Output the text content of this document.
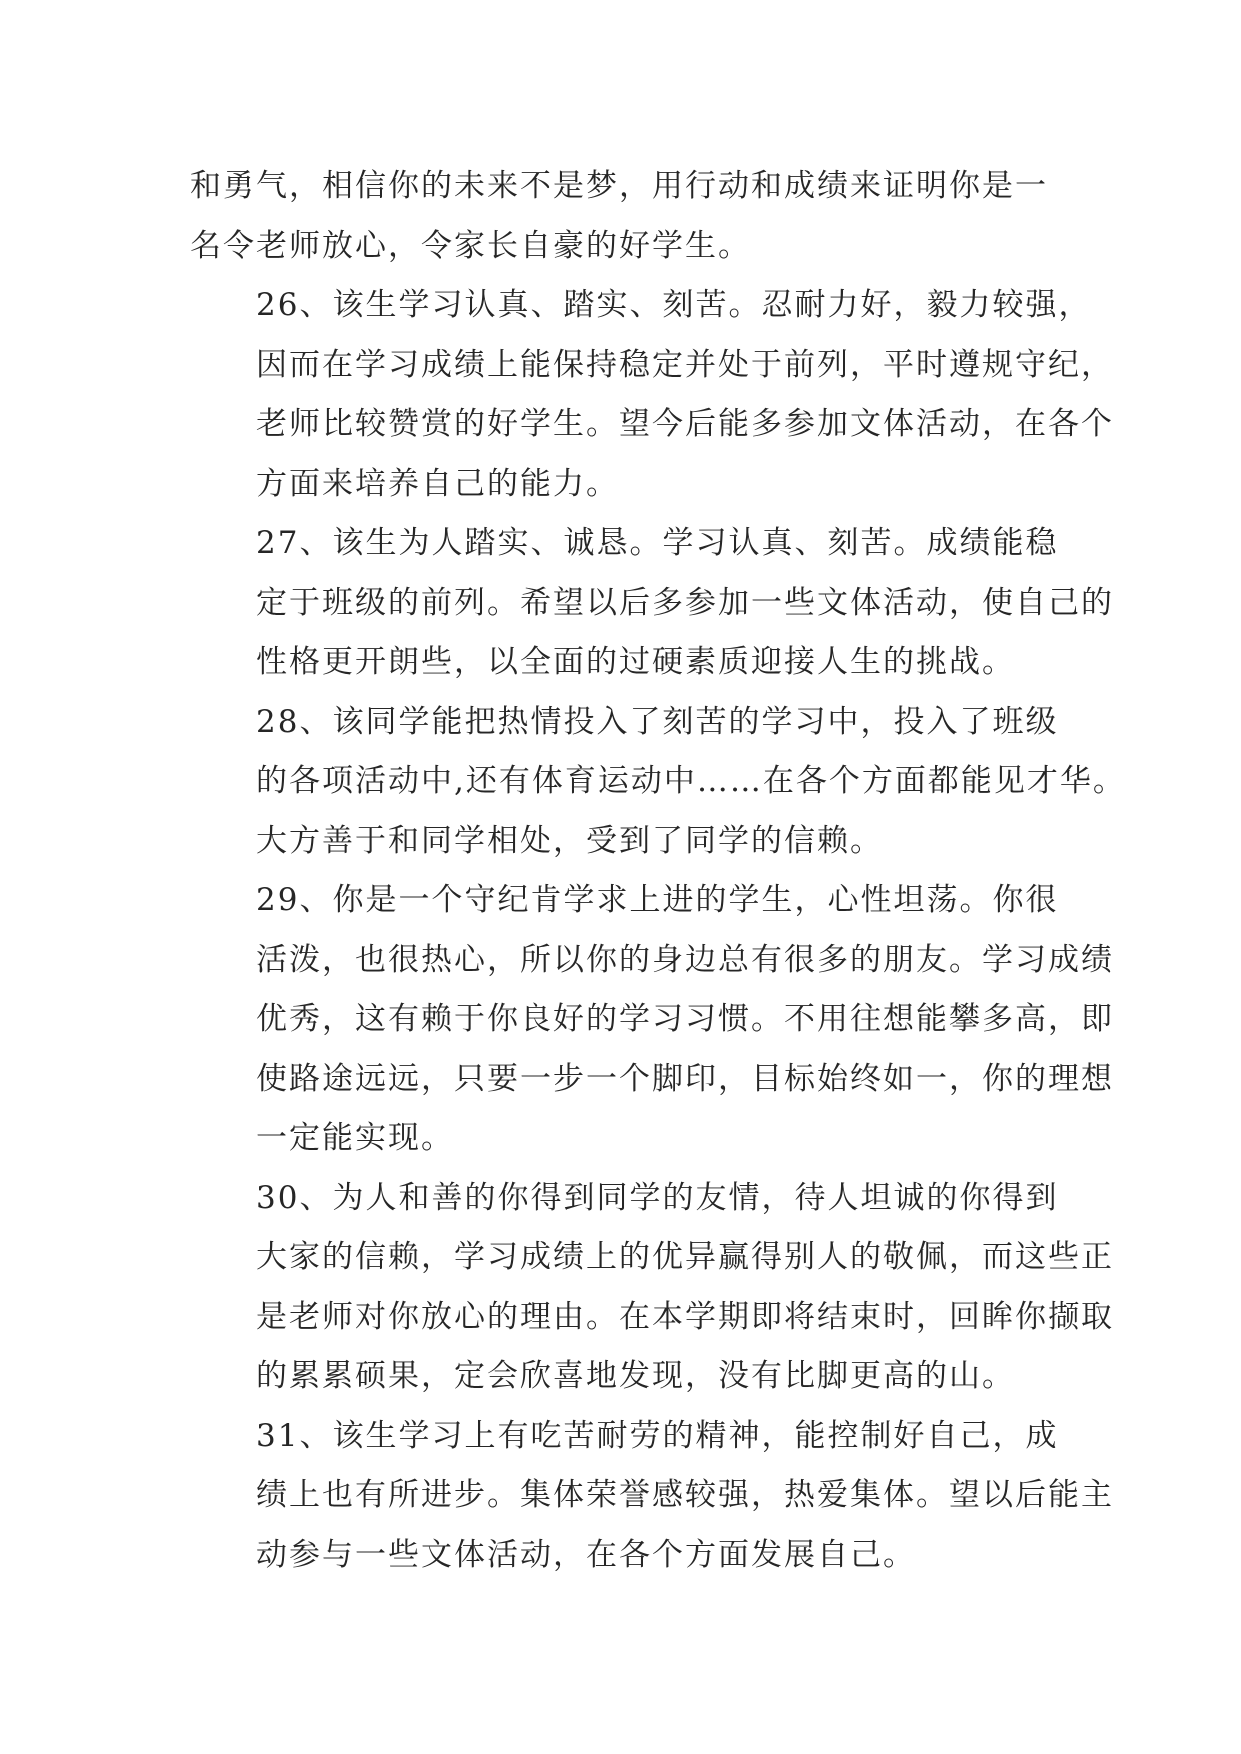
和勇气，相信你的未来不是梦，用行动和成绩来证明你是一
名令老师放心，令家长自豪的好学生。

26、该生学习认真、踏实、刻苦。忍耐力好，毅力较强，
因而在学习成绩上能保持稳定并处于前列，平时遵规守纪，
老师比较赞赏的好学生。望今后能多参加文体活动，在各个
方面来培养自己的能力。

27、该生为人踏实、诚恳。学习认真、刻苦。成绩能稳
定于班级的前列。希望以后多参加一些文体活动，使自己的
性格更开朗些，以全面的过硬素质迎接人生的挑战。

28、该同学能把热情投入了刻苦的学习中，投入了班级
的各项活动中,还有体育运动中……在各个方面都能见才华。
大方善于和同学相处，受到了同学的信赖。

29、你是一个守纪肯学求上进的学生，心性坦荡。你很
活泼，也很热心，所以你的身边总有很多的朋友。学习成绩
优秀，这有赖于你良好的学习习惯。不用往想能攀多高，即
使路途远远，只要一步一个脚印，目标始终如一，你的理想
一定能实现。

30、为人和善的你得到同学的友情，待人坦诚的你得到
大家的信赖，学习成绩上的优异赢得别人的敬佩，而这些正
是老师对你放心的理由。在本学期即将结束时，回眸你撷取
的累累硕果，定会欣喜地发现，没有比脚更高的山。

31、该生学习上有吃苦耐劳的精神，能控制好自己，成
绩上也有所进步。集体荣誉感较强，热爱集体。望以后能主
动参与一些文体活动，在各个方面发展自己。
